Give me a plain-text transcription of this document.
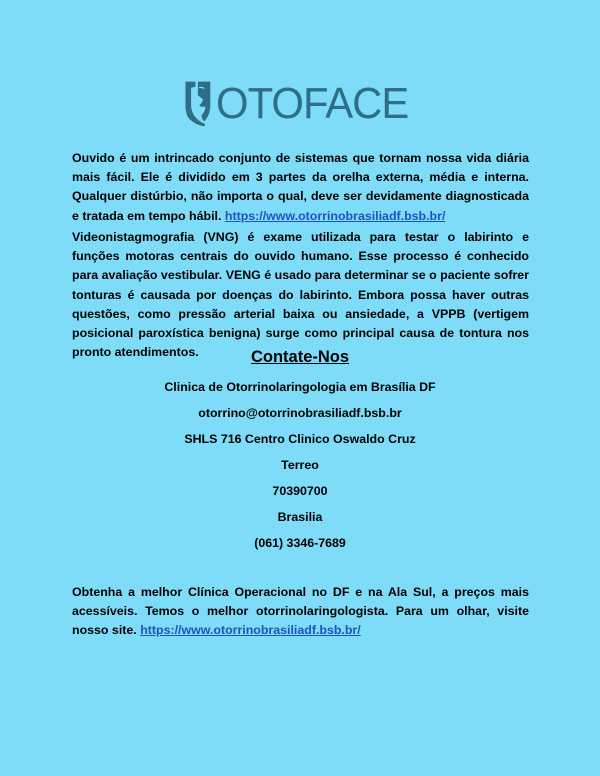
OTOFACE

Ouvido é um intrincado conjunto de sistemas que tornam nossa vida diária mais fácil. Ele é dividido em 3 partes da orelha externa, média e interna. Qualquer distúrbio, não importa o qual, deve ser devidamente diagnosticada e tratada em tempo hábil. https://www.otorrinobrasiliadf.bsb.br/

Videonistagmografia (VNG) é exame utilizada para testar o labirinto e funções motoras centrais do ouvido humano. Esse processo é conhecido para avaliação vestibular. VENG é usado para determinar se o paciente sofrer tonturas é causada por doenças do labirinto. Embora possa haver outras questões, como pressão arterial baixa ou ansiedade, a VPPB (vertigem posicional paroxística benigna) surge como principal causa de tontura nos pronto atendimentos.	Contate-Nos
Clinica de Otorrinolaringologia em Brasília DF
otorrino@otorrinobrasiliadf.bsb.br
SHLS 716 Centro Clinico Oswaldo Cruz
Terreo
70390700
Brasilia
(061) 3346-7689

Obtenha a melhor Clínica Operacional no DF e na Ala Sul, a preços mais acessíveis. Temos o melhor otorrinolaringologista. Para um olhar, visite nosso site. https://www.otorrinobrasiliadf.bsb.br/
